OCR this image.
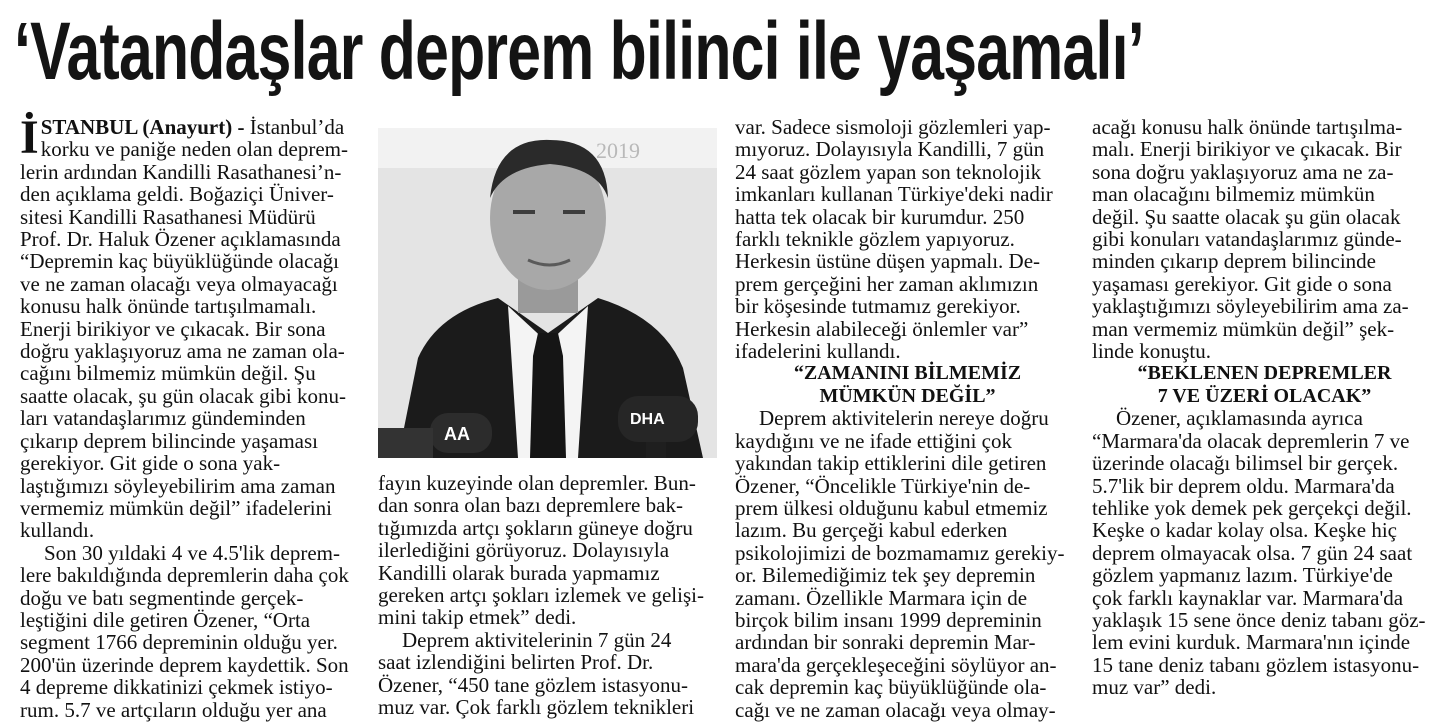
‘Vatandaşlar deprem bilinci ile yaşamalı’

İ STANBUL (Anayurt) - İstanbul’da
korku ve paniğe neden olan deprem-
lerin ardından Kandilli Rasathanesi’n-
den açıklama geldi. Boğaziçi Üniver-
sitesi Kandilli Rasathanesi Müdürü
Prof. Dr. Haluk Özener açıklamasında
“Depremin kaç büyüklüğünde olacağı
ve ne zaman olacağı veya olmayacağı
konusu halk önünde tartışılmamalı.
Enerji birikiyor ve çıkacak. Bir sona
doğru yaklaşıyoruz ama ne zaman ola-
cağını bilmemiz mümkün değil. Şu
saatte olacak, şu gün olacak gibi konu-
ları vatandaşlarımız gündeminden
çıkarıp deprem bilincinde yaşaması
gerekiyor. Git gide o sona yak-
laştığımızı söyleyebilirim ama zaman
vermemiz mümkün değil” ifadelerini
kullandı.
Son 30 yıldaki 4 ve 4.5'lik deprem-
lere bakıldığında depremlerin daha çok
doğu ve batı segmentinde gerçek-
leştiğini dile getiren Özener, “Orta
segment 1766 depreminin olduğu yer.
200'ün üzerinde deprem kaydettik. Son
4 depreme dikkatinizi çekmek istiyo-
rum. 5.7 ve artçıların olduğu yer ana

2019
AA
DHA

fayın kuzeyinde olan depremler. Bun-
dan sonra olan bazı depremlere bak-
tığımızda artçı şokların güneye doğru
ilerlediğini görüyoruz. Dolayısıyla
Kandilli olarak burada yapmamız
gereken artçı şokları izlemek ve gelişi-
mini takip etmek” dedi.
Deprem aktivitelerinin 7 gün 24
saat izlendiğini belirten Prof. Dr.
Özener, “450 tane gözlem istasyonu-
muz var. Çok farklı gözlem teknikleri

var. Sadece sismoloji gözlemleri yap-
mıyoruz. Dolayısıyla Kandilli, 7 gün
24 saat gözlem yapan son teknolojik
imkanları kullanan Türkiye'deki nadir
hatta tek olacak bir kurumdur. 250
farklı teknikle gözlem yapıyoruz.
Herkesin üstüne düşen yapmalı. De-
prem gerçeğini her zaman aklımızın
bir köşesinde tutmamız gerekiyor.
Herkesin alabileceği önlemler var”
ifadelerini kullandı.

“ZAMANINI BİLMEMİZ
MÜMKÜN DEĞİL”

Deprem aktivitelerin nereye doğru
kaydığını ve ne ifade ettiğini çok
yakından takip ettiklerini dile getiren
Özener, “Öncelikle Türkiye'nin de-
prem ülkesi olduğunu kabul etmemiz
lazım. Bu gerçeği kabul ederken
psikolojimizi de bozmamamız gerekiy-
or. Bilemediğimiz tek şey depremin
zamanı. Özellikle Marmara için de
birçok bilim insanı 1999 depreminin
ardından bir sonraki depremin Mar-
mara'da gerçekleşeceğini söylüyor an-
cak depremin kaç büyüklüğünde ola-
cağı ve ne zaman olacağı veya olmay-

acağı konusu halk önünde tartışılma-
malı. Enerji birikiyor ve çıkacak. Bir
sona doğru yaklaşıyoruz ama ne za-
man olacağını bilmemiz mümkün
değil. Şu saatte olacak şu gün olacak
gibi konuları vatandaşlarımız günde-
minden çıkarıp deprem bilincinde
yaşaması gerekiyor. Git gide o sona
yaklaştığımızı söyleyebilirim ama za-
man vermemiz mümkün değil” şek-
linde konuştu.

“BEKLENEN DEPREMLER
7 VE ÜZERİ OLACAK”

Özener, açıklamasında ayrıca
“Marmara'da olacak depremlerin 7 ve
üzerinde olacağı bilimsel bir gerçek.
5.7'lik bir deprem oldu. Marmara'da
tehlike yok demek pek gerçekçi değil.
Keşke o kadar kolay olsa. Keşke hiç
deprem olmayacak olsa. 7 gün 24 saat
gözlem yapmanız lazım. Türkiye'de
çok farklı kaynaklar var. Marmara'da
yaklaşık 15 sene önce deniz tabanı göz-
lem evini kurduk. Marmara'nın içinde
15 tane deniz tabanı gözlem istasyonu-
muz var” dedi.
